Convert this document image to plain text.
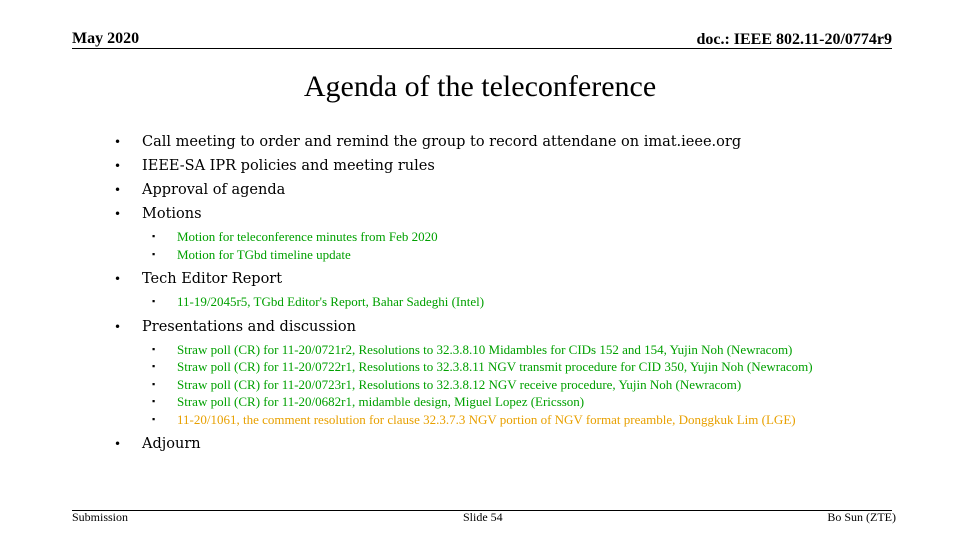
May 2020	doc.: IEEE 802.11-20/0774r9
Agenda of the teleconference
• Call meeting to order and remind the group to record attendane on imat.ieee.org
• IEEE-SA IPR policies and meeting rules
• Approval of agenda
• Motions
▪ Motion for teleconference minutes from Feb 2020
▪ Motion for TGbd timeline update
• Tech Editor Report
▪ 11-19/2045r5, TGbd Editor's Report, Bahar Sadeghi (Intel)
• Presentations and discussion
▪ Straw poll (CR) for 11-20/0721r2, Resolutions to 32.3.8.10 Midambles for CIDs 152 and 154, Yujin Noh (Newracom)
▪ Straw poll (CR) for 11-20/0722r1, Resolutions to 32.3.8.11 NGV transmit procedure for CID 350, Yujin Noh (Newracom)
▪ Straw poll (CR) for 11-20/0723r1, Resolutions to 32.3.8.12 NGV receive procedure, Yujin Noh (Newracom)
▪ Straw poll (CR) for 11-20/0682r1, midamble design, Miguel Lopez (Ericsson)
▪ 11-20/1061, the comment resolution for clause 32.3.7.3 NGV portion of NGV format preamble, Donggkuk Lim (LGE)
• Adjourn
Submission	Slide 54	Bo Sun (ZTE)
